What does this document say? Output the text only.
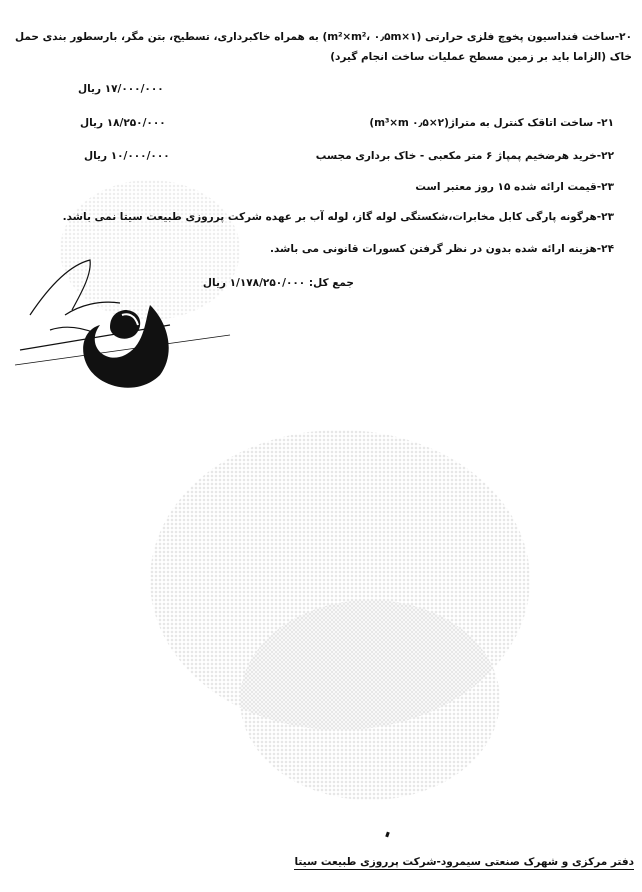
۲۰-ساخت فنداسیون پخوچ فلزی حرارتی (۱×m²×m²، ۰٫۵m) به همراه خاکبرداری، تسطیح، بتن مگر، بارسطور بندی حمل
خاک (الزاما باید بر زمین مسطح عملیات ساخت انجام گیرد)
۱۷/۰۰۰/۰۰۰ ریال
۲۱- ساخت اتاقک کنترل به متراژ(۲×m³×m ۰٫۵)
۱۸/۲۵۰/۰۰۰ ریال
۲۲-خرید هرضخیم پمپاژ ۶ متر مکعبی - خاک برداری مجسب
۱۰/۰۰۰/۰۰۰ ریال
۲۳-قیمت ارائه شده ۱۵ روز معتبر است
۲۳-هرگونه پارگی کابل مخابرات،شکستگی لوله گاز، لوله آب بر عهده شرکت پرروزی طبیعت سیتا نمی باشد.
۲۴-هزینه ارائه شده بدون در نظر گرفتن کسورات قانونی می باشد.
جمع کل: ۱/۱۷۸/۲۵۰/۰۰۰ ریال
دفتر مرکزی و شهرک صنعتی سیمرود-شرکت پرروزی طبیعت سیتا
